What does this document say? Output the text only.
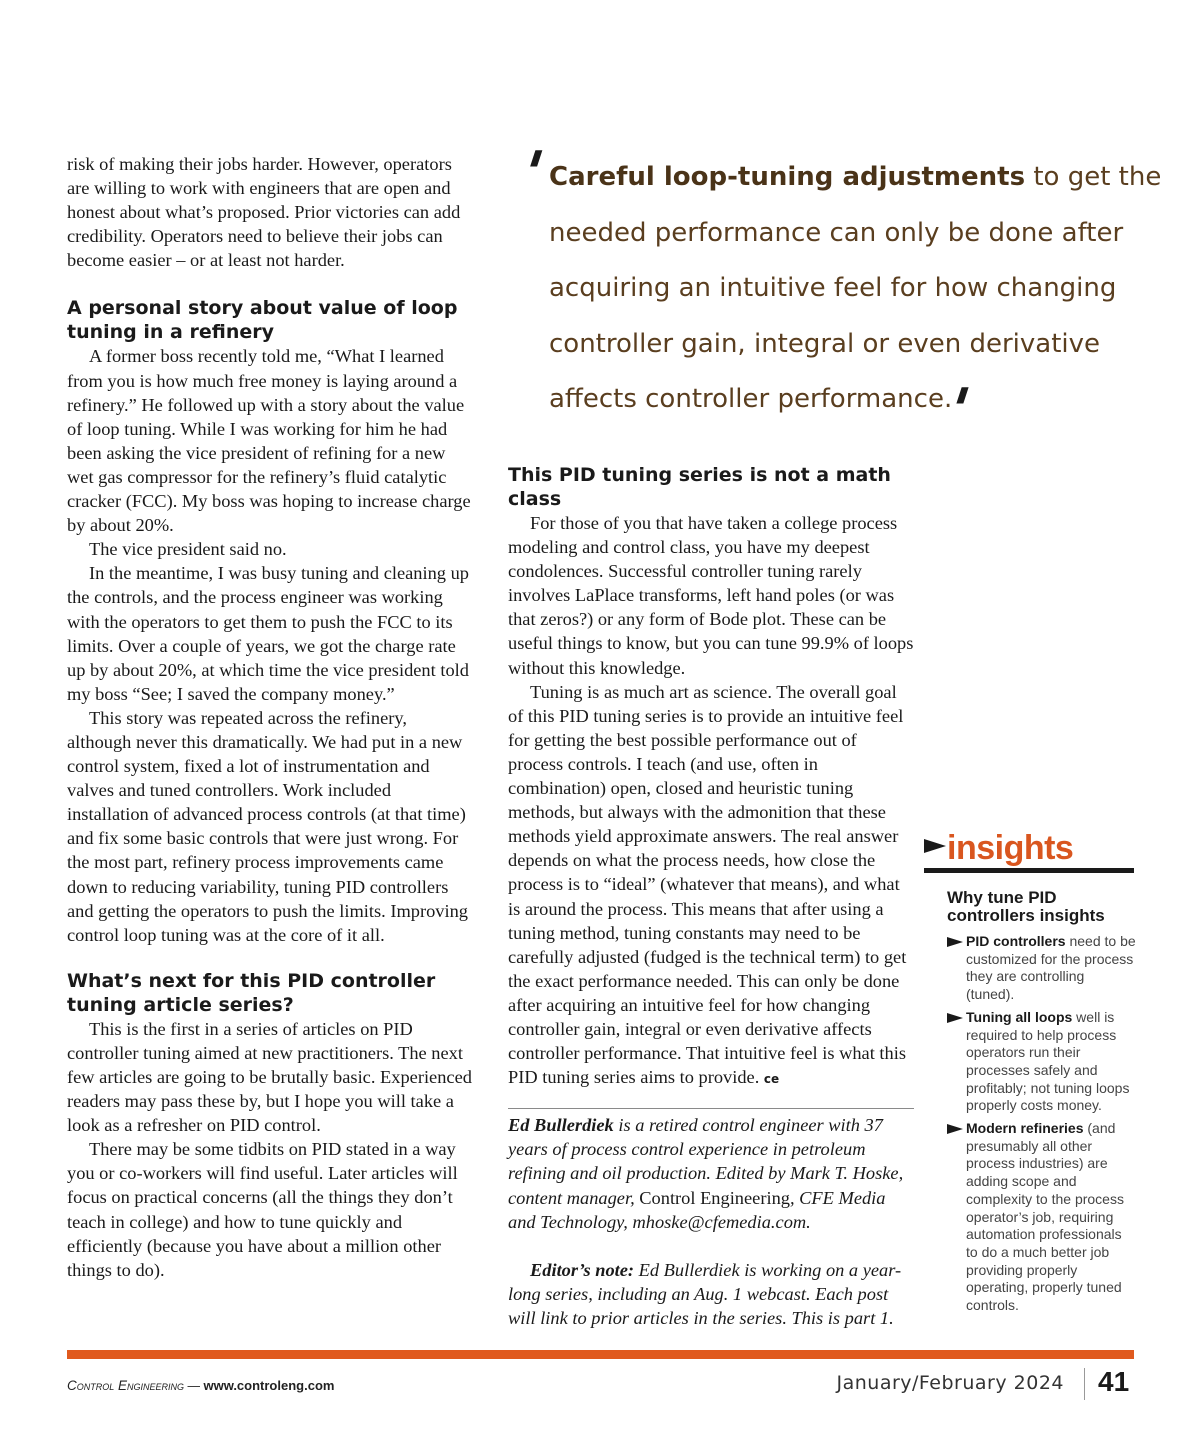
risk of making their jobs harder. However, operators are willing to work with engineers that are open and honest about what’s proposed. Prior victories can add credibility. Operators need to believe their jobs can become easier – or at least not harder.

A personal story about value of loop tuning in a refinery

A former boss recently told me, “What I learned from you is how much free money is laying around a refinery.” He followed up with a story about the value of loop tuning. While I was working for him he had been asking the vice president of refining for a new wet gas compressor for the refinery’s fluid catalytic cracker (FCC). My boss was hoping to increase charge by about 20%.

The vice president said no.

In the meantime, I was busy tuning and cleaning up the controls, and the process engineer was working with the operators to get them to push the FCC to its limits. Over a couple of years, we got the charge rate up by about 20%, at which time the vice president told my boss “See; I saved the company money.”

This story was repeated across the refinery, although never this dramatically. We had put in a new control system, fixed a lot of instrumentation and valves and tuned controllers. Work included installation of advanced process controls (at that time) and fix some basic controls that were just wrong. For the most part, refinery process improvements came down to reducing variability, tuning PID controllers and getting the operators to push the limits. Improving control loop tuning was at the core of it all.

What’s next for this PID controller tuning article series?

This is the first in a series of articles on PID controller tuning aimed at new practitioners. The next few articles are going to be brutally basic. Experienced readers may pass these by, but I hope you will take a look as a refresher on PID control.

There may be some tidbits on PID stated in a way you or co-workers will find useful. Later articles will focus on practical concerns (all the things they don’t teach in college) and how to tune quickly and efficiently (because you have about a million other things to do).

'

Careful loop-tuning adjustments to get the needed performance can only be done after acquiring an intuitive feel for how changing controller gain, integral or even derivative affects controller performance.'

This PID tuning series is not a math class

For those of you that have taken a college process modeling and control class, you have my deepest condolences. Successful controller tuning rarely involves LaPlace transforms, left hand poles (or was that zeros?) or any form of Bode plot. These can be useful things to know, but you can tune 99.9% of loops without this knowledge.

Tuning is as much art as science. The overall goal of this PID tuning series is to provide an intuitive feel for getting the best possible performance out of process controls. I teach (and use, often in combination) open, closed and heuristic tuning methods, but always with the admonition that these methods yield approximate answers. The real answer depends on what the process needs, how close the process is to “ideal” (whatever that means), and what is around the process. This means that after using a tuning method, tuning constants may need to be carefully adjusted (fudged is the technical term) to get the exact performance needed. This can only be done after acquiring an intuitive feel for how changing controller gain, integral or even derivative affects controller performance. That intuitive feel is what this PID tuning series aims to provide. ce

Ed Bullerdiek is a retired control engineer with 37 years of process control experience in petroleum refining and oil production. Edited by Mark T. Hoske, content manager, Control Engineering, CFE Media and Technology, mhoske@cfemedia.com.

Editor’s note: Ed Bullerdiek is working on a year-long series, including an Aug. 1 webcast. Each post will link to prior articles in the series. This is part 1.

insights
Why tune PID controllers insights
PID controllers need to be customized for the process they are controlling (tuned).
Tuning all loops well is required to help process operators run their processes safely and profitably; not tuning loops properly costs money.
Modern refineries (and presumably all other process industries) are adding scope and complexity to the process operator’s job, requiring automation professionals to do a much better job providing properly operating, properly tuned controls.
Control Engineering — www.controleng.com	January/February 2024 41
